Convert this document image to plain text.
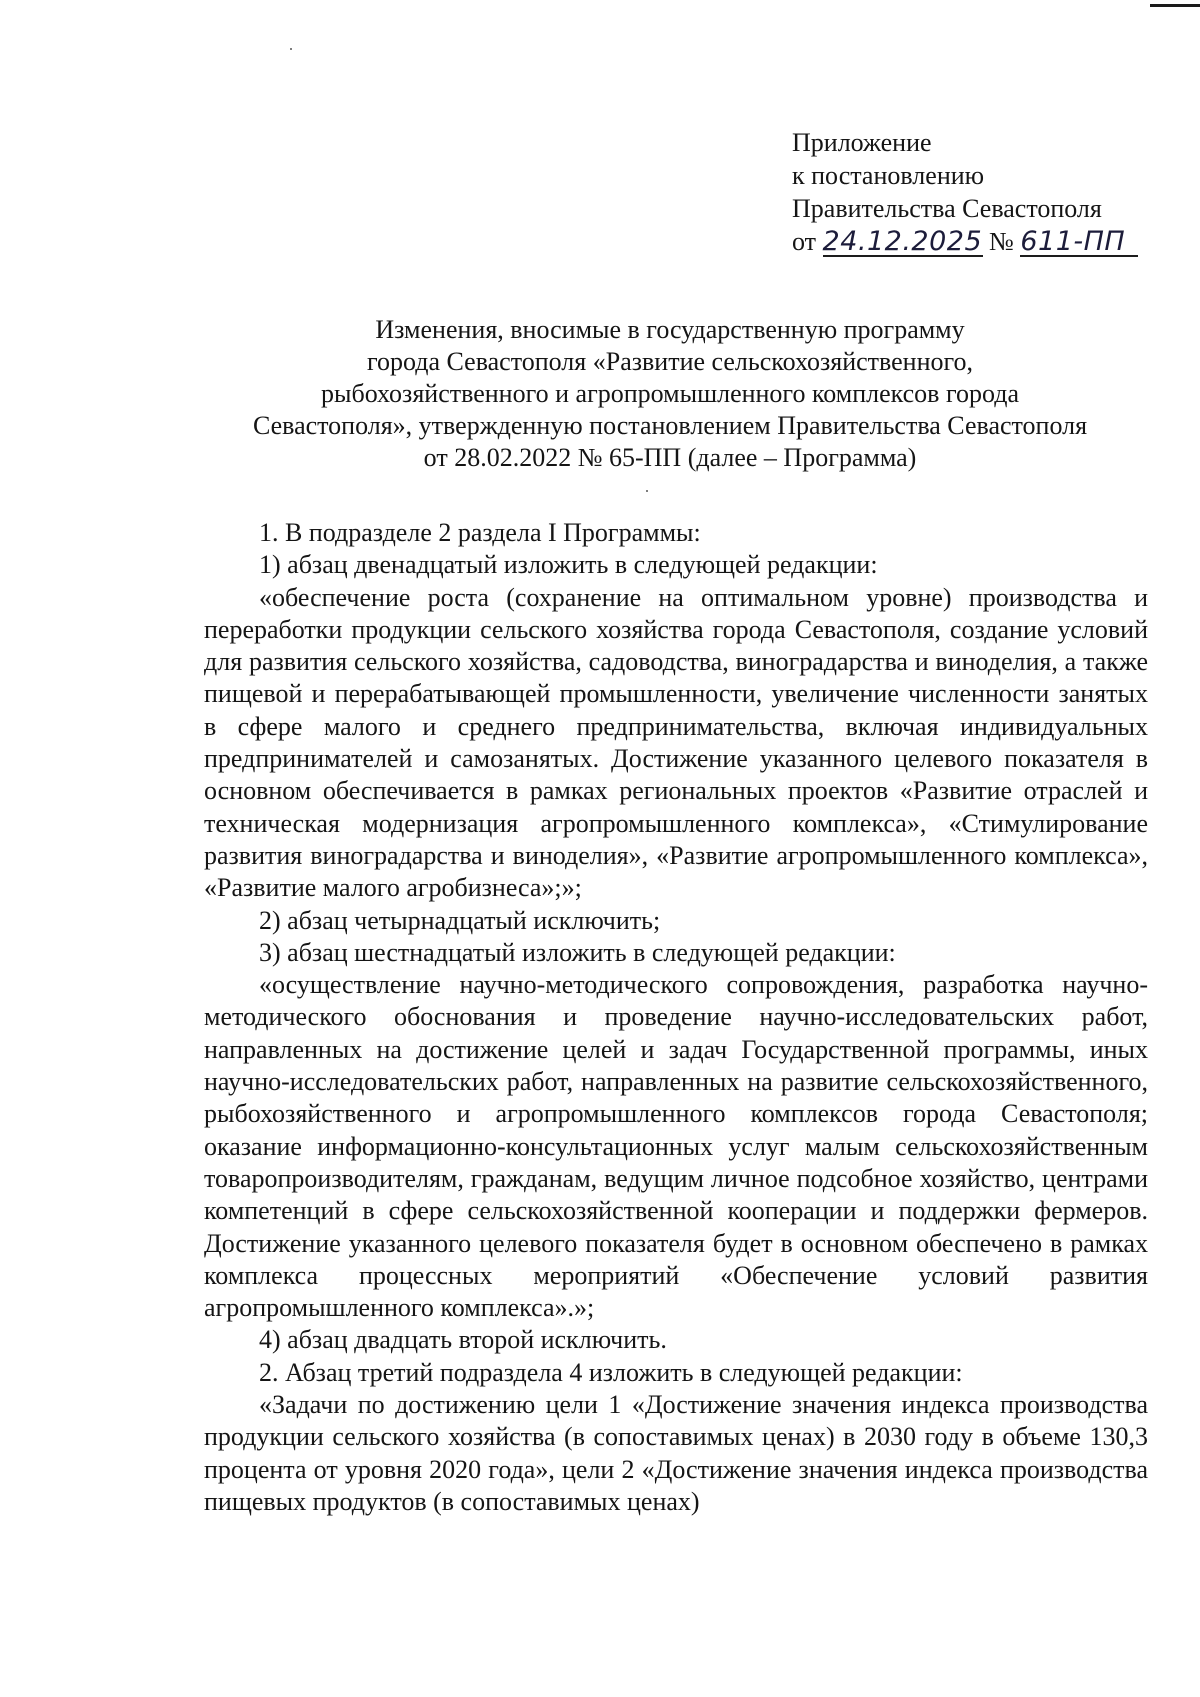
Приложение
к постановлению
Правительства Севастополя
от 24.12.2025 № 611-ПП
Изменения, вносимые в государственную программу
города Севастополя «Развитие сельскохозяйственного,
рыбохозяйственного и агропромышленного комплексов города
Севастополя», утвержденную постановлением Правительства Севастополя
от 28.02.2022 № 65-ПП (далее – Программа)

1. В подразделе 2 раздела I Программы:

1) абзац двенадцатый изложить в следующей редакции:

«обеспечение роста (сохранение на оптимальном уровне) производства и переработки продукции сельского хозяйства города Севастополя, создание условий для развития сельского хозяйства, садоводства, виноградарства и виноделия, а также пищевой и перерабатывающей промышленности, увеличение численности занятых в сфере малого и среднего предпринимательства, включая индивидуальных предпринимателей и самозанятых. Достижение указанного целевого показателя в основном обеспечивается в рамках региональных проектов «Развитие отраслей и техническая модернизация агропромышленного комплекса», «Стимулирование развития виноградарства и виноделия», «Развитие агропромышленного комплекса», «Развитие малого агробизнеса»;»;

2) абзац четырнадцатый исключить;

3) абзац шестнадцатый изложить в следующей редакции:

«осуществление научно-методического сопровождения, разработка научно-методического обоснования и проведение научно-исследовательских работ, направленных на достижение целей и задач Государственной программы, иных научно-исследовательских работ, направленных на развитие сельскохозяйственного, рыбохозяйственного и агропромышленного комплексов города Севастополя; оказание информационно-консультационных услуг малым сельскохозяйственным товаропроизводителям, гражданам, ведущим личное подсобное хозяйство, центрами компетенций в сфере сельскохозяйственной кооперации и поддержки фермеров. Достижение указанного целевого показателя будет в основном обеспечено в рамках комплекса процессных мероприятий «Обеспечение условий развития агропромышленного комплекса».»;

4) абзац двадцать второй исключить.

2. Абзац третий подраздела 4 изложить в следующей редакции:

«Задачи по достижению цели 1 «Достижение значения индекса производства продукции сельского хозяйства (в сопоставимых ценах) в 2030 году в объеме 130,3 процента от уровня 2020 года», цели 2 «Достижение значения индекса производства пищевых продуктов (в сопоставимых ценах)
